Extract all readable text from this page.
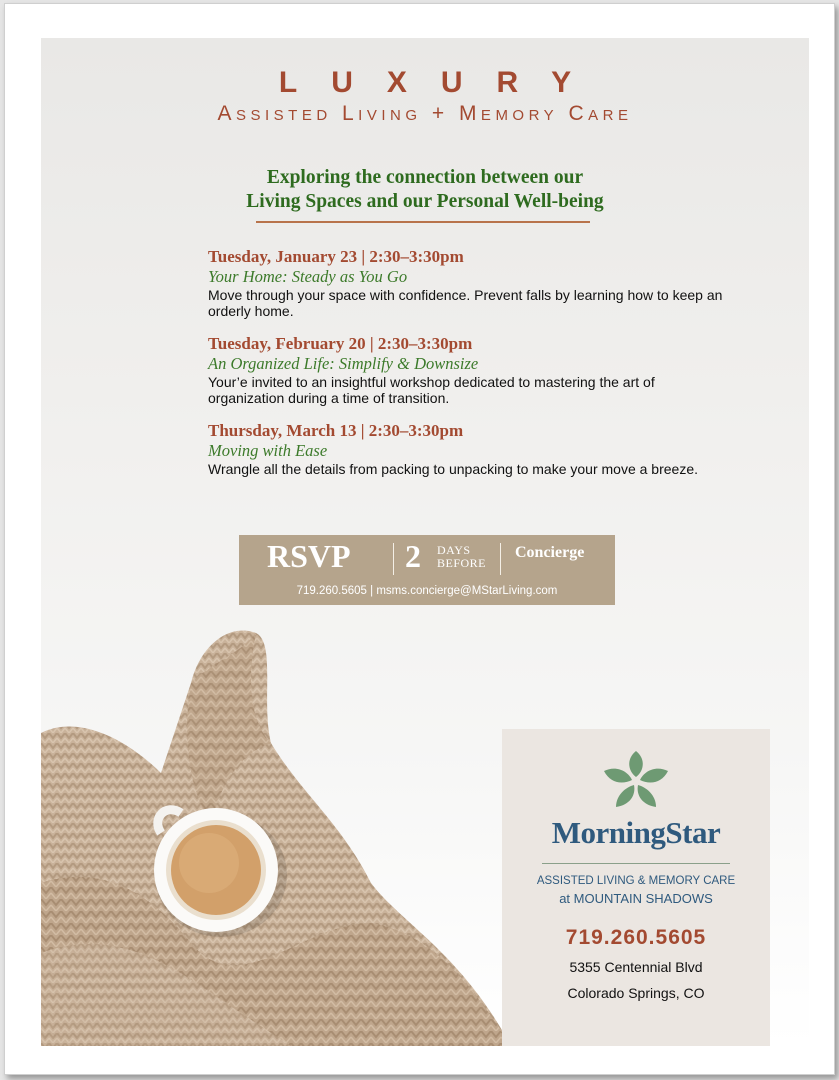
LUXURY
Assisted Living + Memory Care
Exploring the connection between our
Living Spaces and our Personal Well-being
Tuesday, January 23 | 2:30–3:30pm
Your Home: Steady as You Go
Move through your space with confidence. Prevent falls by learning how to keep an orderly home.
Tuesday, February 20 | 2:30–3:30pm
An Organized Life: Simplify & Downsize
Your’e invited to an insightful workshop dedicated to mastering the art of organization during a time of transition.
Thursday, March 13 | 2:30–3:30pm
Moving with Ease
Wrangle all the details from packing to unpacking to make your move a breeze.
RSVP 2 DAYS
BEFORE
Concierge
719.260.5605 | msms.concierge@MStarLiving.com
MorningStar
ASSISTED LIVING & MEMORY CARE
at MOUNTAIN SHADOWS
719.260.5605
5355 Centennial Blvd
Colorado Springs, CO
